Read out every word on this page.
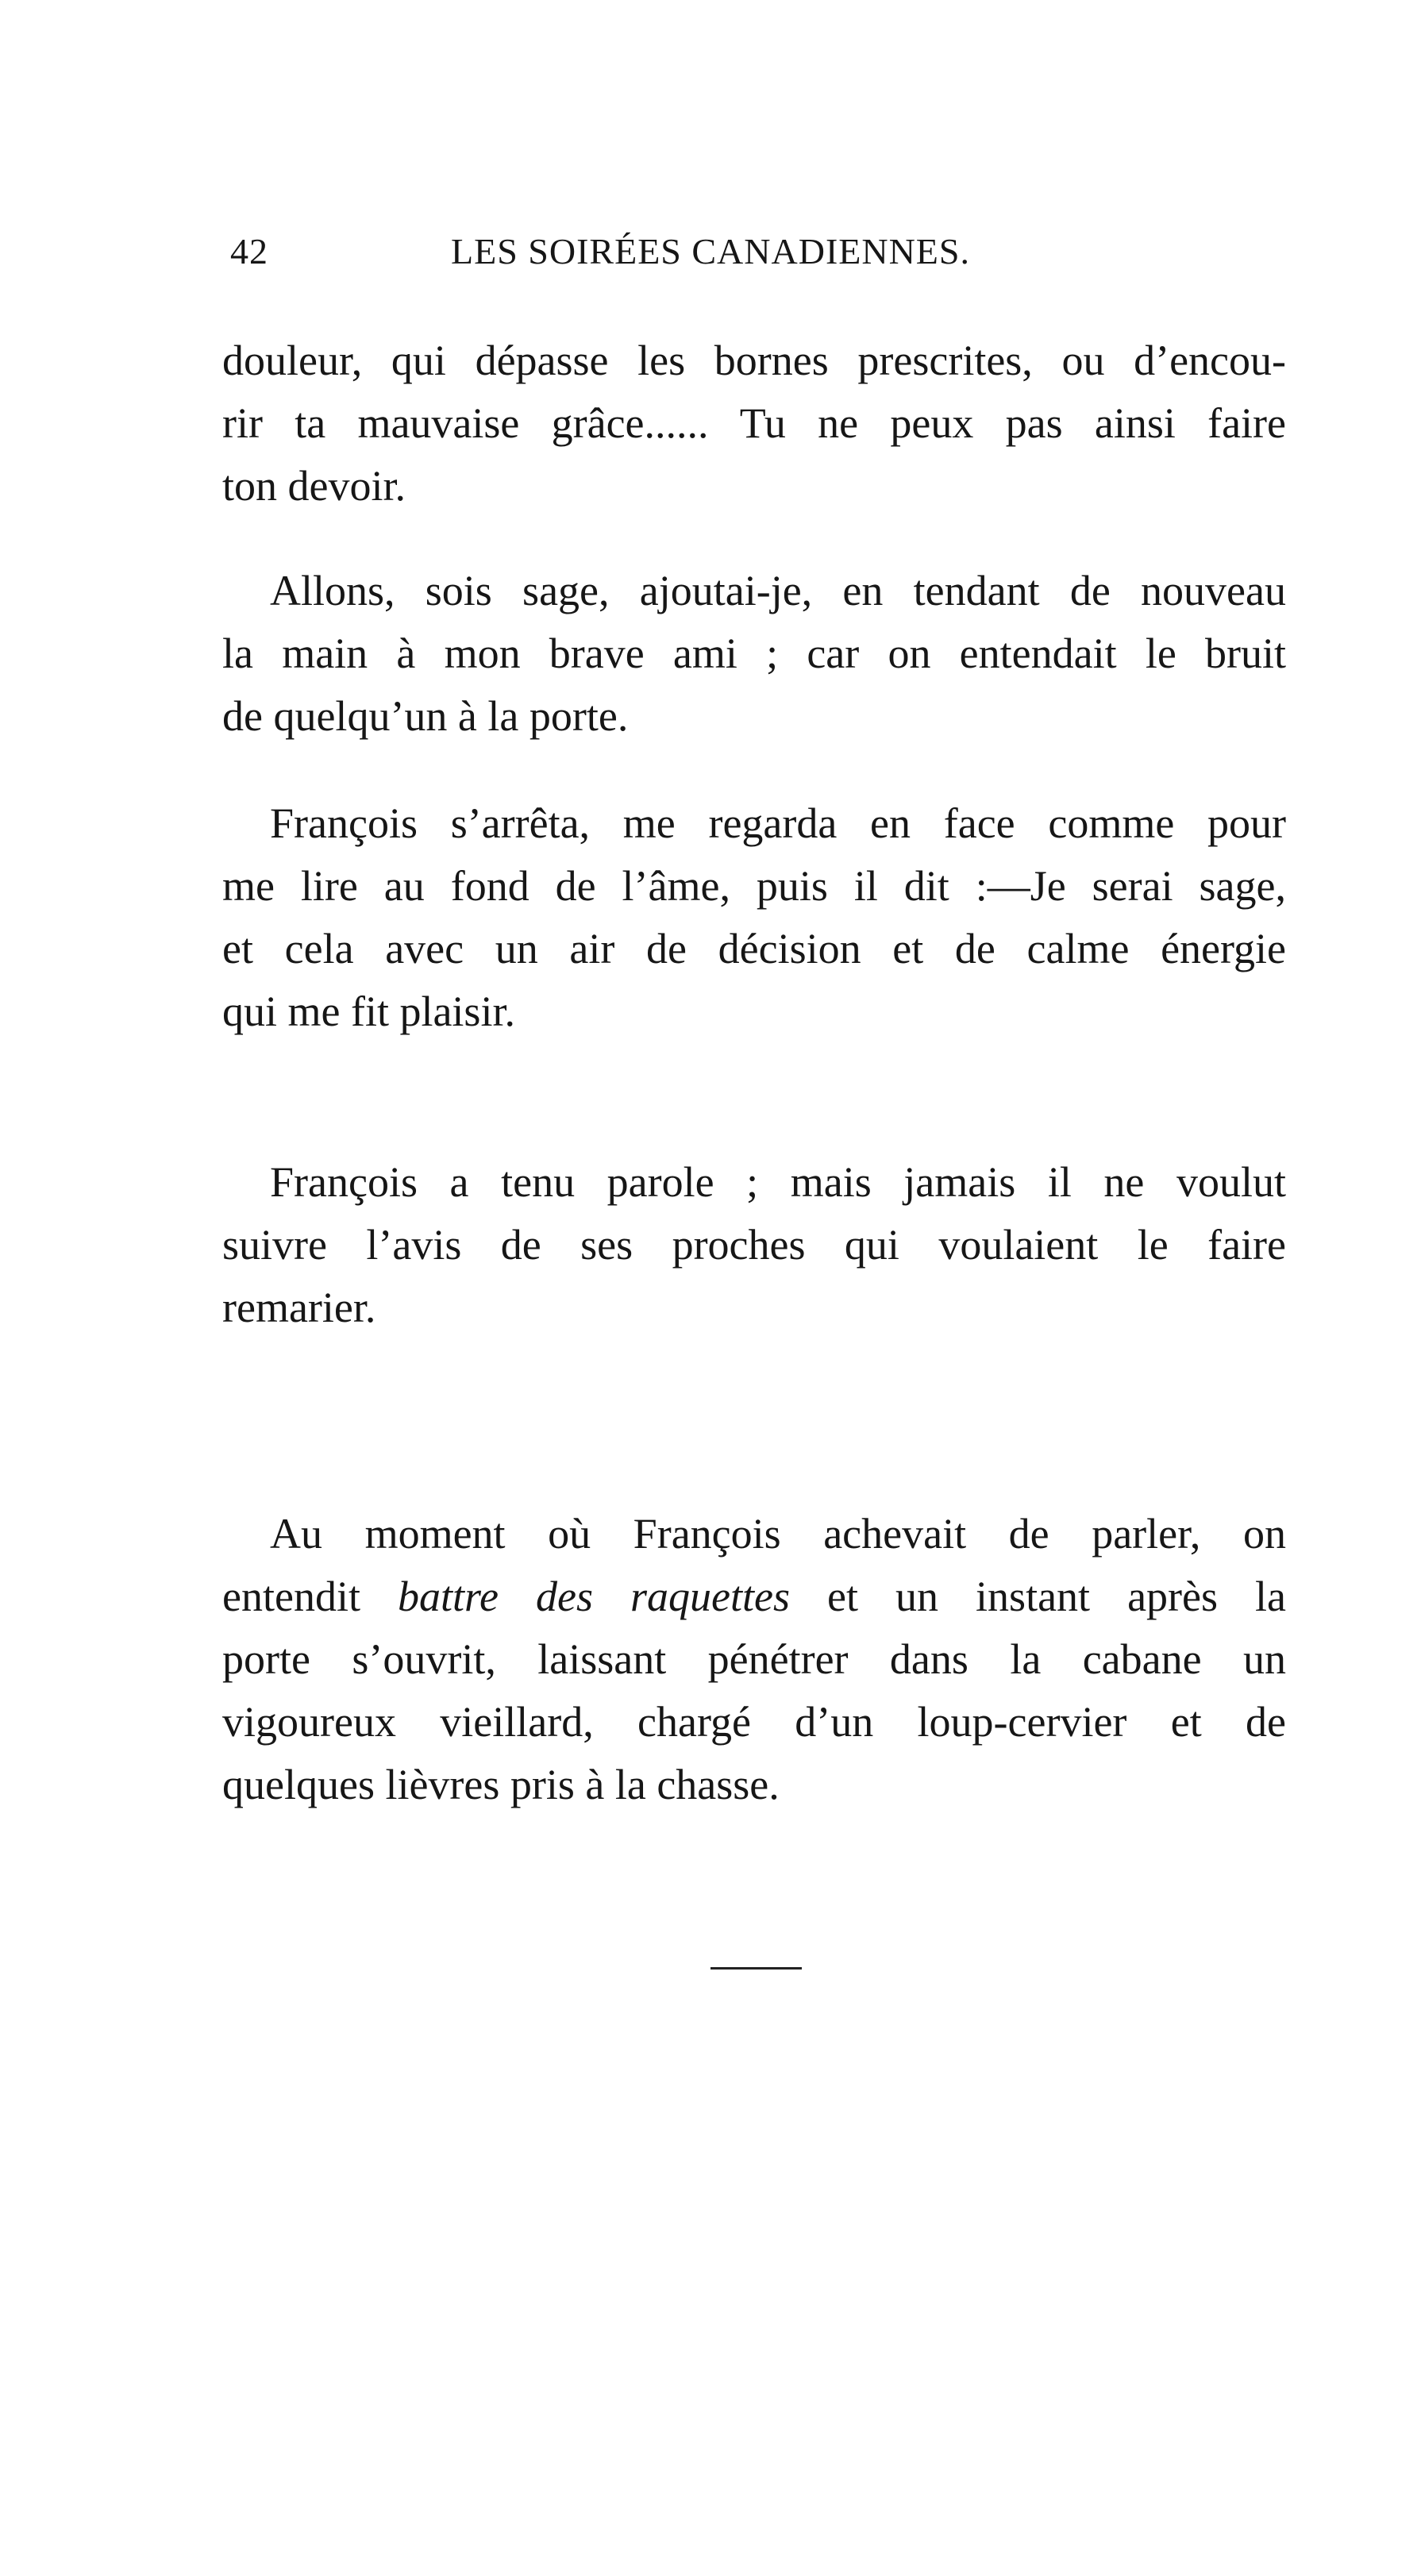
42	LES SOIRÉES CANADIENNES.
douleur, qui dépasse les bornes prescrites, ou d’encou-
rir ta mauvaise grâce...... Tu ne peux pas ainsi faire
ton devoir.
Allons, sois sage, ajoutai-je, en tendant de nouveau
la main à mon brave ami ; car on entendait le bruit
de quelqu’un à la porte.
François s’arrêta, me regarda en face comme pour
me lire au fond de l’âme, puis il dit :—Je serai sage,
et cela avec un air de décision et de calme énergie
qui me fit plaisir.
François a tenu parole ; mais jamais il ne voulut
suivre l’avis de ses proches qui voulaient le faire
remarier.
Au moment où François achevait de parler, on
entendit battre des raquettes et un instant après la
porte s’ouvrit, laissant pénétrer dans la cabane un
vigoureux vieillard, chargé d’un loup-cervier et de
quelques lièvres pris à la chasse.
